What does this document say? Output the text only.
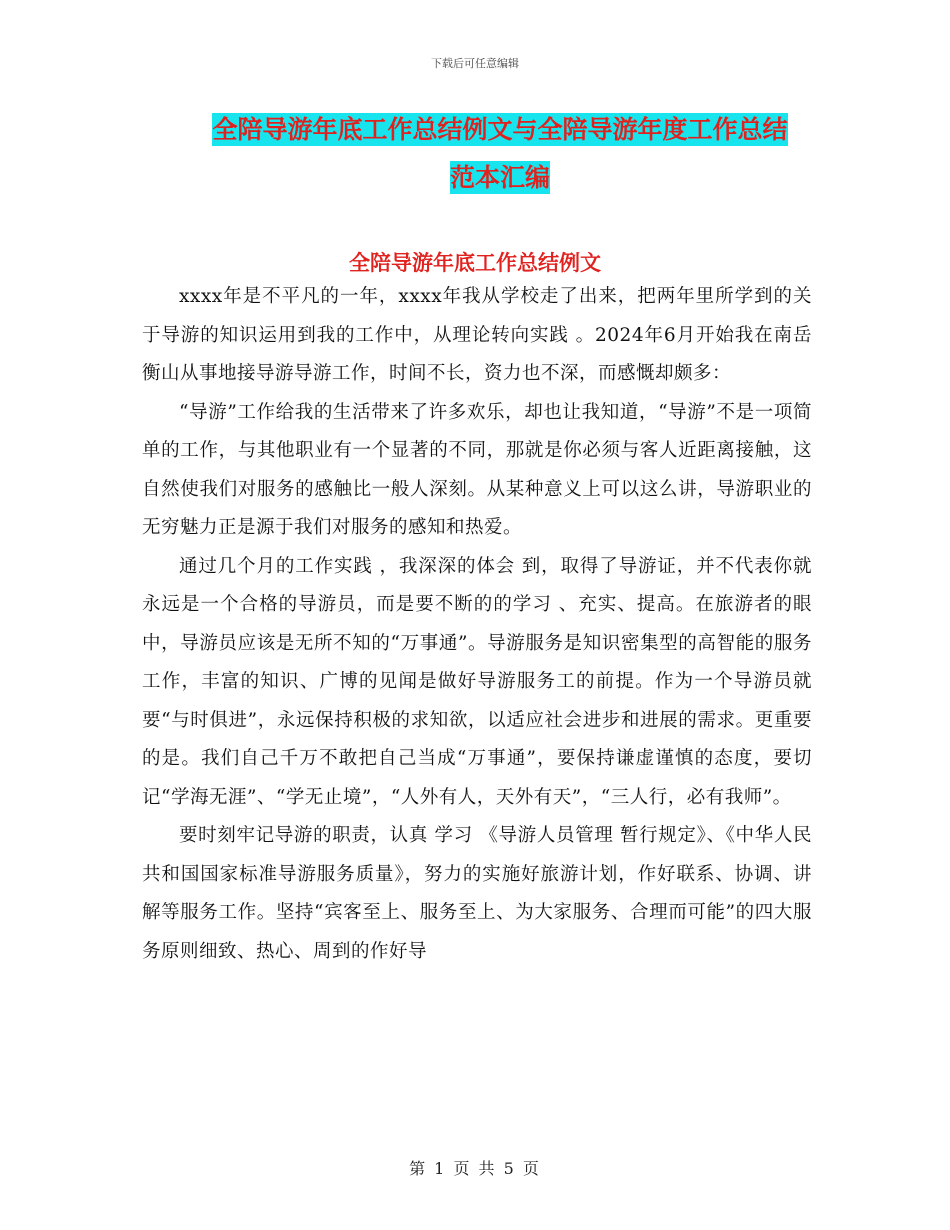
下载后可任意编辑
全陪导游年底工作总结例文与全陪导游年度工作总结
范本汇编
全陪导游年底工作总结例文

xxxx年是不平凡的一年，xxxx年我从学校走了出来，把两年里所学到的关于导游的知识运用到我的工作中，从理论转向实践 。2024年6月开始我在南岳衡山从事地接导游导游工作，时间不长，资力也不深，而感慨却颇多：

“导游”工作给我的生活带来了许多欢乐，却也让我知道，“导游”不是一项简单的工作，与其他职业有一个显著的不同，那就是你必须与客人近距离接触，这自然使我们对服务的感触比一般人深刻。从某种意义上可以这么讲，导游职业的无穷魅力正是源于我们对服务的感知和热爱。

通过几个月的工作实践 ，我深深的体会 到，取得了导游证，并不代表你就永远是一个合格的导游员，而是要不断的的学习 、充实、提高。在旅游者的眼中，导游员应该是无所不知的“万事通”。导游服务是知识密集型的高智能的服务工作，丰富的知识、广博的见闻是做好导游服务工的前提。作为一个导游员就要“与时俱进”，永远保持积极的求知欲，以适应社会进步和进展的需求。更重要的是。我们自己千万不敢把自己当成“万事通”，要保持谦虚谨慎的态度，要切记“学海无涯”、“学无止境”，“人外有人，天外有天”，“三人行，必有我师”。

要时刻牢记导游的职责，认真 学习 《导游人员管理 暂行规定》、《中华人民共和国国家标准导游服务质量》，努力的实施好旅游计划，作好联系、协调、讲解等服务工作。坚持“宾客至上、服务至上、为大家服务、合理而可能”的四大服务原则细致、热心、周到的作好导

第 1 页 共 5 页
